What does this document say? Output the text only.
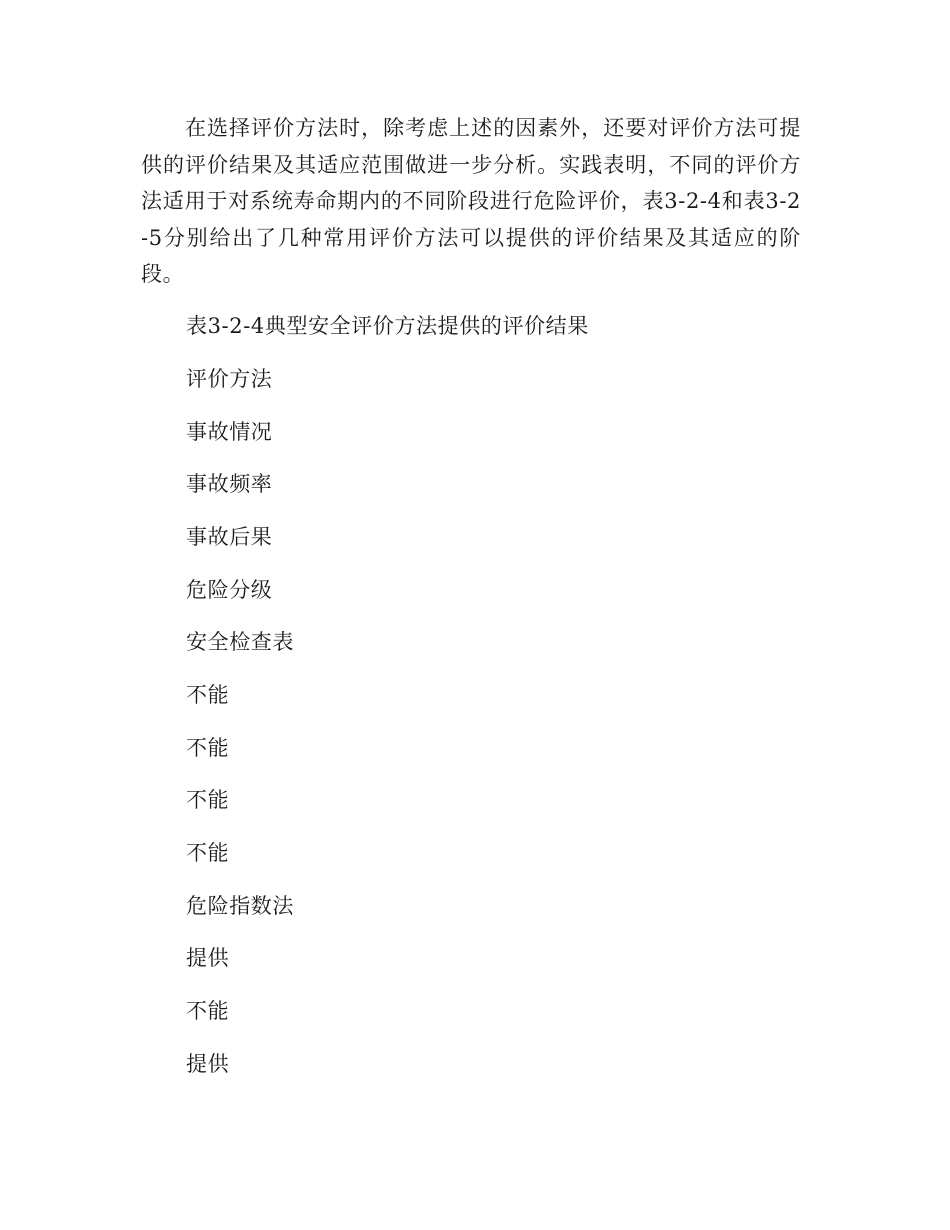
在选择评价方法时，除考虑上述的因素外，还要对评价方法可提供的评价结果及其适应范围做进一步分析。实践表明，不同的评价方法适用于对系统寿命期内的不同阶段进行危险评价，表3-2-4和表3-2-5分别给出了几种常用评价方法可以提供的评价结果及其适应的阶段。

表3-2-4典型安全评价方法提供的评价结果

评价方法

事故情况

事故频率

事故后果

危险分级

安全检查表

不能

不能

不能

不能

危险指数法

提供

不能

提供
